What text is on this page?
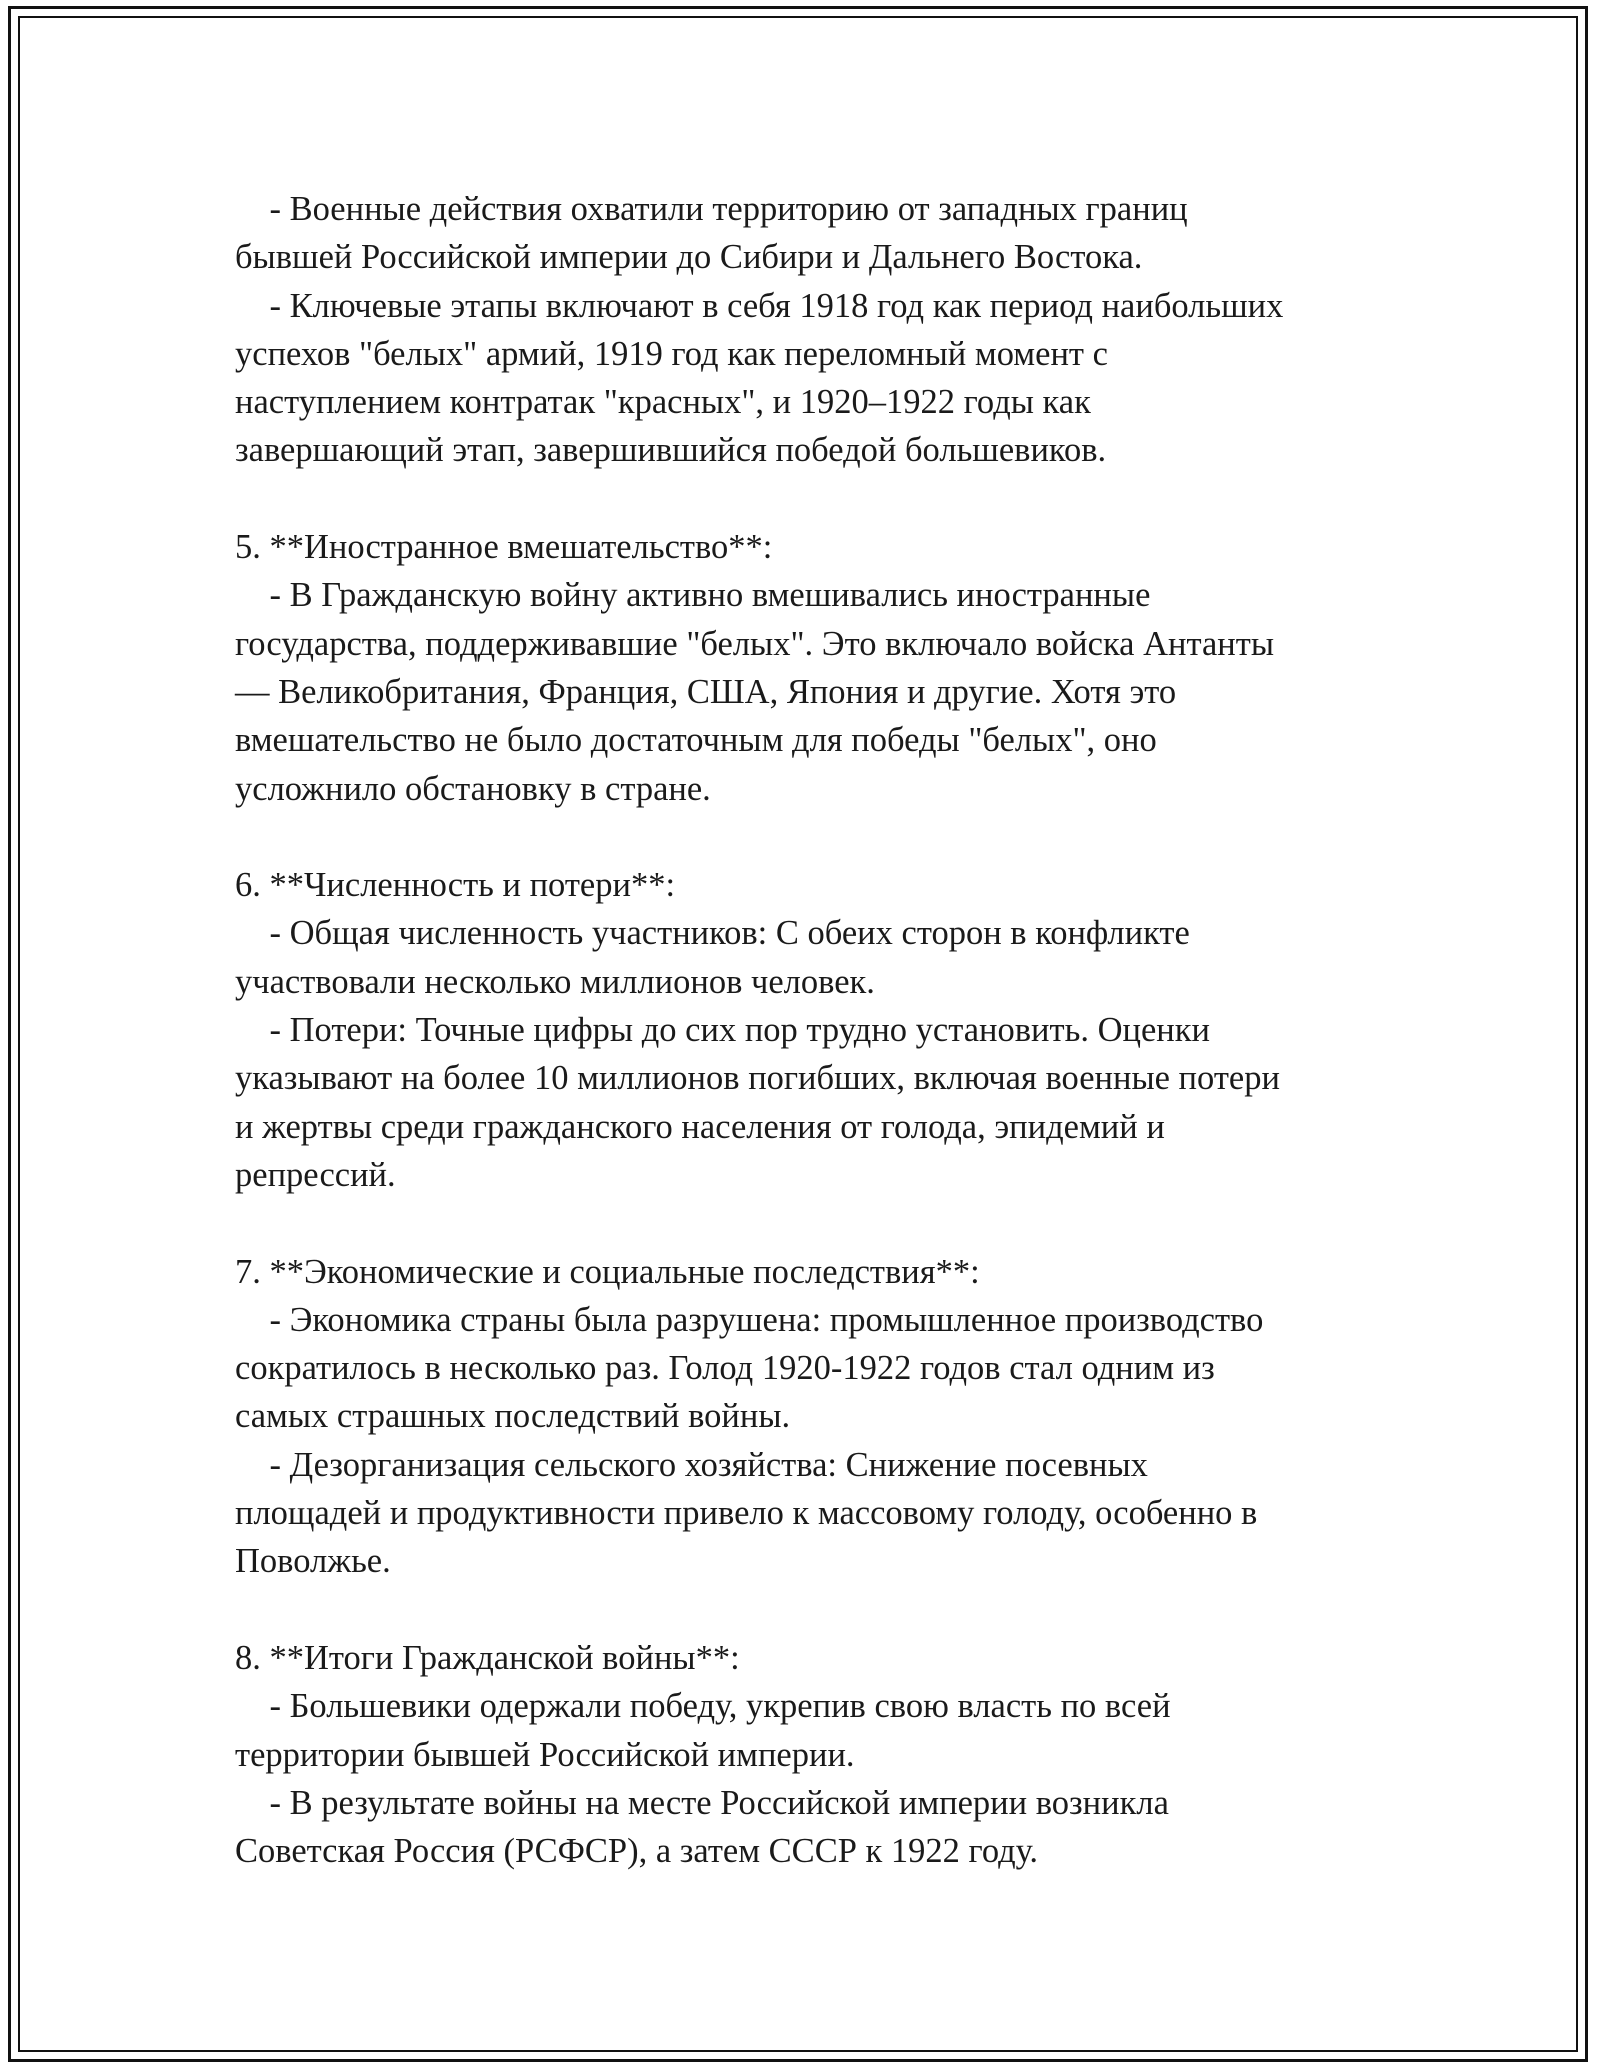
- Военные действия охватили территорию от западных границ
бывшей Российской империи до Сибири и Дальнего Востока.

- Ключевые этапы включают в себя 1918 год как период наибольших
успехов "белых" армий, 1919 год как переломный момент с
наступлением контратак "красных", и 1920–1922 годы как
завершающий этап, завершившийся победой большевиков.

5. **Иностранное вмешательство**:

- В Гражданскую войну активно вмешивались иностранные
государства, поддерживавшие "белых". Это включало войска Антанты
— Великобритания, Франция, США, Япония и другие. Хотя это
вмешательство не было достаточным для победы "белых", оно
усложнило обстановку в стране.

6. **Численность и потери**:

- Общая численность участников: С обеих сторон в конфликте
участвовали несколько миллионов человек.

- Потери: Точные цифры до сих пор трудно установить. Оценки
указывают на более 10 миллионов погибших, включая военные потери
и жертвы среди гражданского населения от голода, эпидемий и
репрессий.

7. **Экономические и социальные последствия**:

- Экономика страны была разрушена: промышленное производство
сократилось в несколько раз. Голод 1920-1922 годов стал одним из
самых страшных последствий войны.

- Дезорганизация сельского хозяйства: Снижение посевных
площадей и продуктивности привело к массовому голоду, особенно в
Поволжье.

8. **Итоги Гражданской войны**:

- Большевики одержали победу, укрепив свою власть по всей
территории бывшей Российской империи.

- В результате войны на месте Российской империи возникла
Советская Россия (РСФСР), а затем СССР к 1922 году.
